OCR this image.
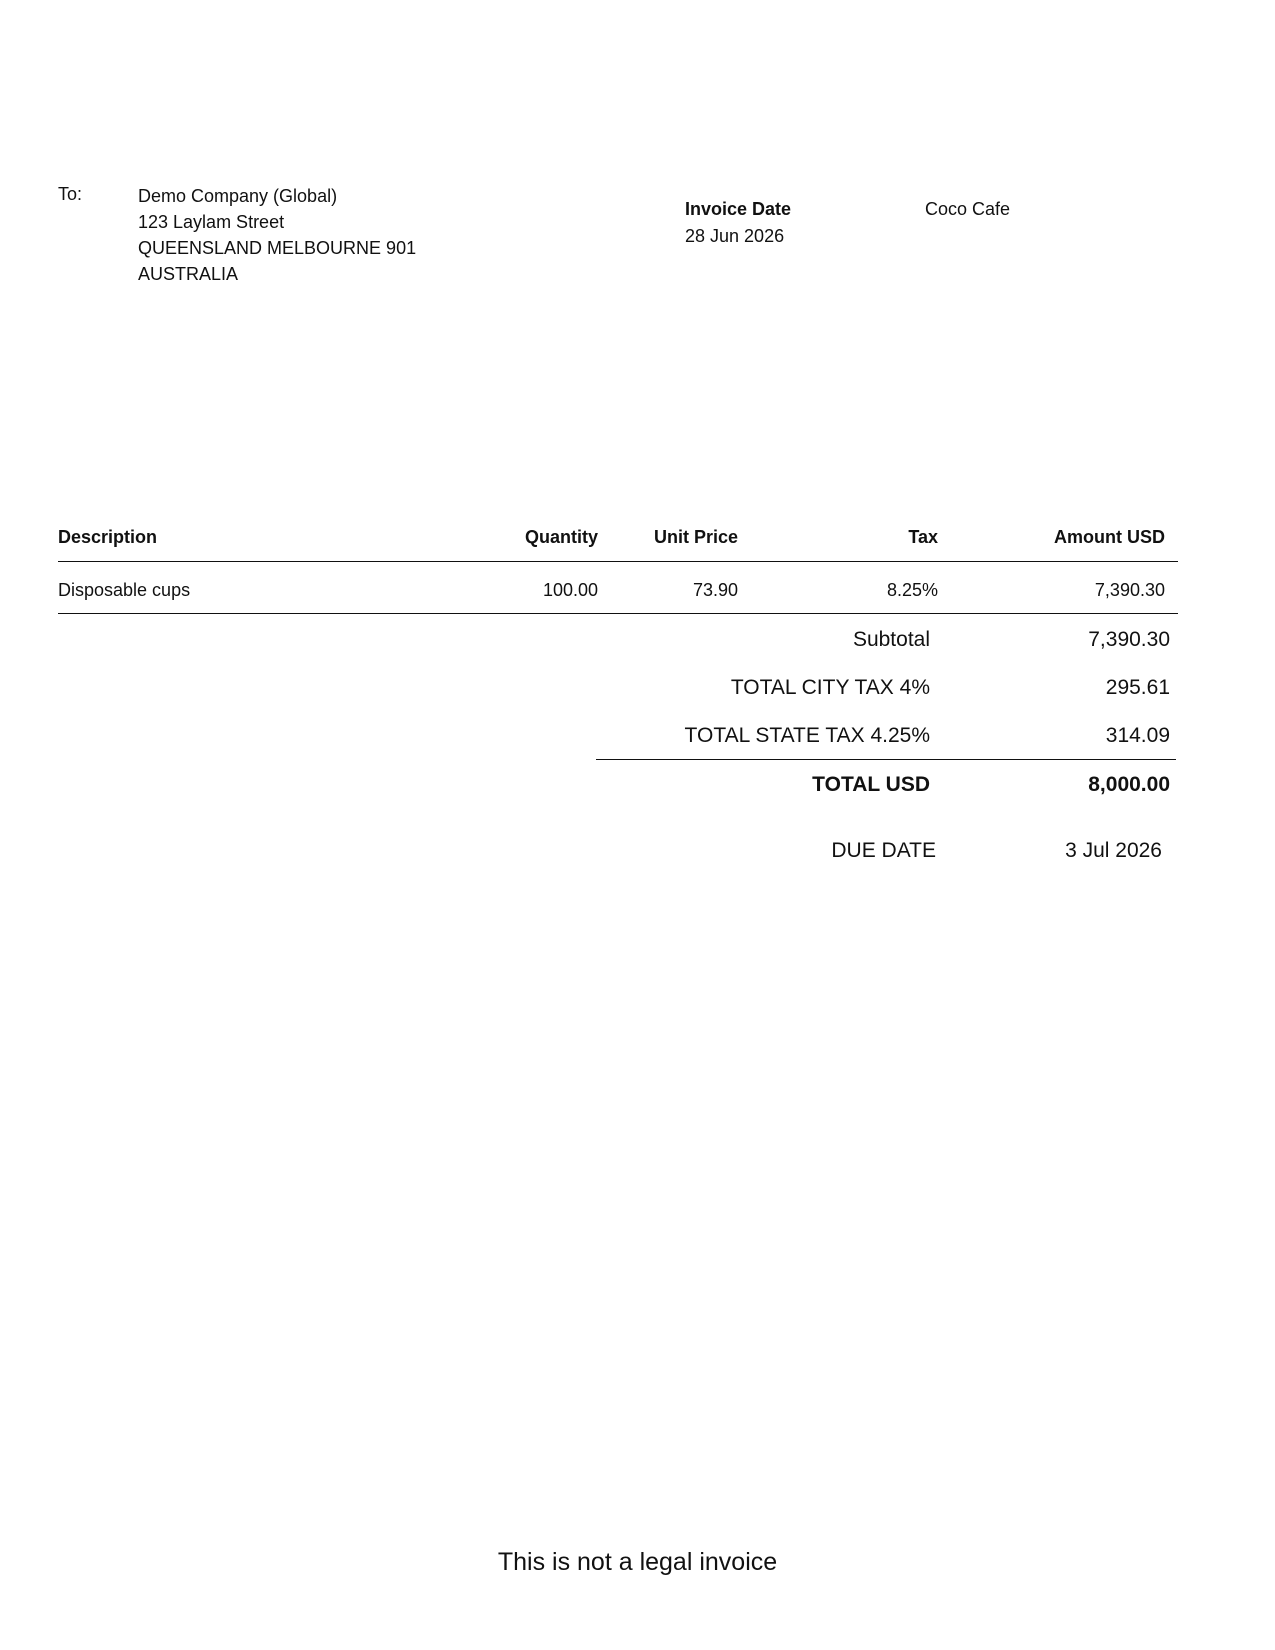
To:	Demo Company (Global)
123 Laylam Street
QUEENSLAND MELBOURNE 901
AUSTRALIA
Invoice Date
28 Jun 2026
Coco Cafe
Description	Quantity	Unit Price	Tax	Amount USD
Disposable cups	100.00	73.90	8.25%	7,390.30
Subtotal	7,390.30
TOTAL CITY TAX 4%	295.61
TOTAL STATE TAX 4.25%	314.09
TOTAL USD	8,000.00
DUE DATE	3 Jul 2026
This is not a legal invoice
